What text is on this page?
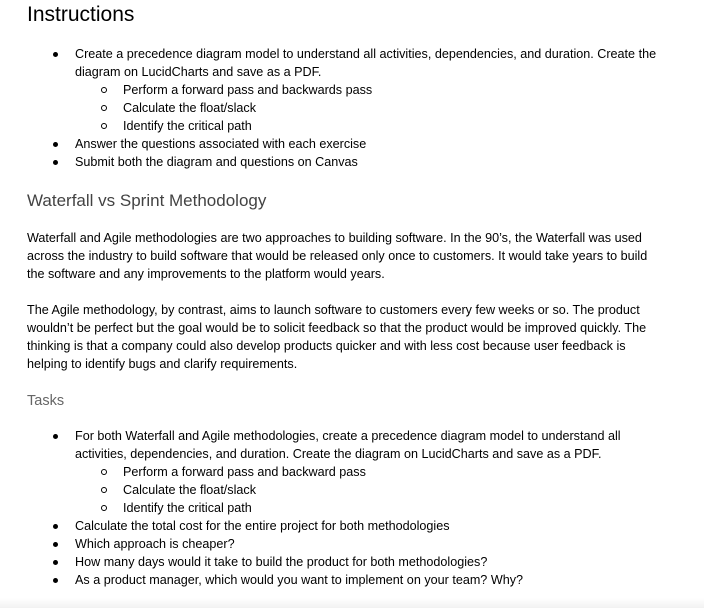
Instructions
Create a precedence diagram model to understand all activities, dependencies, and duration. Create the diagram on LucidCharts and save as a PDF.
Perform a forward pass and backwards pass
Calculate the float/slack
Identify the critical path
Answer the questions associated with each exercise
Submit both the diagram and questions on Canvas
Waterfall vs Sprint Methodology

Waterfall and Agile methodologies are two approaches to building software. In the 90’s, the Waterfall was used across the industry to build software that would be released only once to customers. It would take years to build the software and any improvements to the platform would years.

The Agile methodology, by contrast, aims to launch software to customers every few weeks or so. The product wouldn’t be perfect but the goal would be to solicit feedback so that the product would be improved quickly. The thinking is that a company could also develop products quicker and with less cost because user feedback is helping to identify bugs and clarify requirements.

Tasks
For both Waterfall and Agile methodologies, create a precedence diagram model to understand all activities, dependencies, and duration. Create the diagram on LucidCharts and save as a PDF.
Perform a forward pass and backward pass
Calculate the float/slack
Identify the critical path
Calculate the total cost for the entire project for both methodologies
Which approach is cheaper?
How many days would it take to build the product for both methodologies?
As a product manager, which would you want to implement on your team? Why?
